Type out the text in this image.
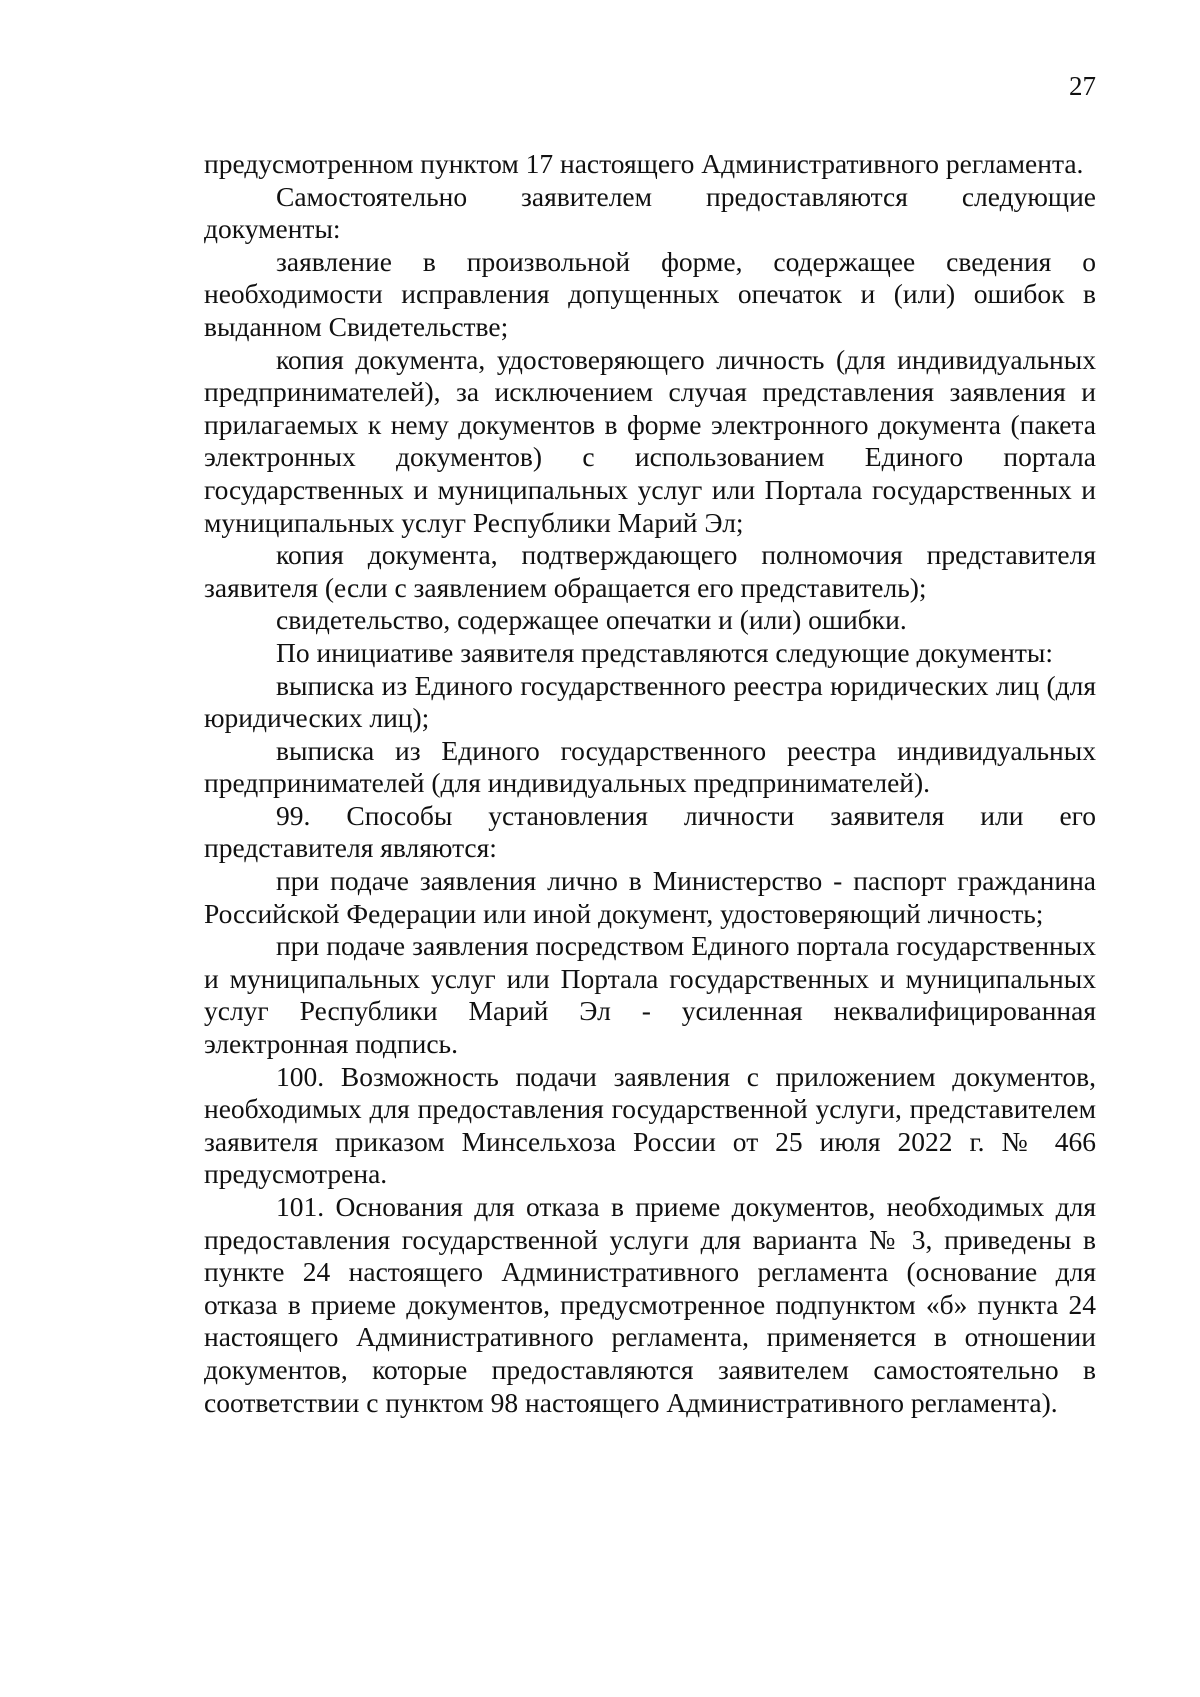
27

предусмотренном пунктом 17 настоящего Административного регламента.

Самостоятельно заявителем предоставляются следующие документы:

заявление в произвольной форме, содержащее сведения о необходимости исправления допущенных опечаток и (или) ошибок в выданном Свидетельстве;

копия документа, удостоверяющего личность (для индивидуальных предпринимателей), за исключением случая представления заявления и прилагаемых к нему документов в форме электронного документа (пакета электронных документов) с использованием Единого портала государственных и муниципальных услуг или Портала государственных и муниципальных услуг Республики Марий Эл;

копия документа, подтверждающего полномочия представителя заявителя (если с заявлением обращается его представитель);

свидетельство, содержащее опечатки и (или) ошибки.

По инициативе заявителя представляются следующие документы:

выписка из Единого государственного реестра юридических лиц (для юридических лиц);

выписка из Единого государственного реестра индивидуальных предпринимателей (для индивидуальных предпринимателей).

99. Способы установления личности заявителя или его представителя являются:

при подаче заявления лично в Министерство - паспорт гражданина Российской Федерации или иной документ, удостоверяющий личность;

при подаче заявления посредством Единого портала государственных и муниципальных услуг или Портала государственных и муниципальных услуг Республики Марий Эл - усиленная неквалифицированная электронная подпись.

100. Возможность подачи заявления с приложением документов, необходимых для предоставления государственной услуги, представителем заявителя приказом Минсельхоза России от 25 июля 2022 г. № 466 предусмотрена.

101. Основания для отказа в приеме документов, необходимых для предоставления государственной услуги для варианта № 3, приведены в пункте 24 настоящего Административного регламента (основание для отказа в приеме документов, предусмотренное подпунктом «б» пункта 24 настоящего Административного регламента, применяется в отношении документов, которые предоставляются заявителем самостоятельно в соответствии с пунктом 98 настоящего Административного регламента).
